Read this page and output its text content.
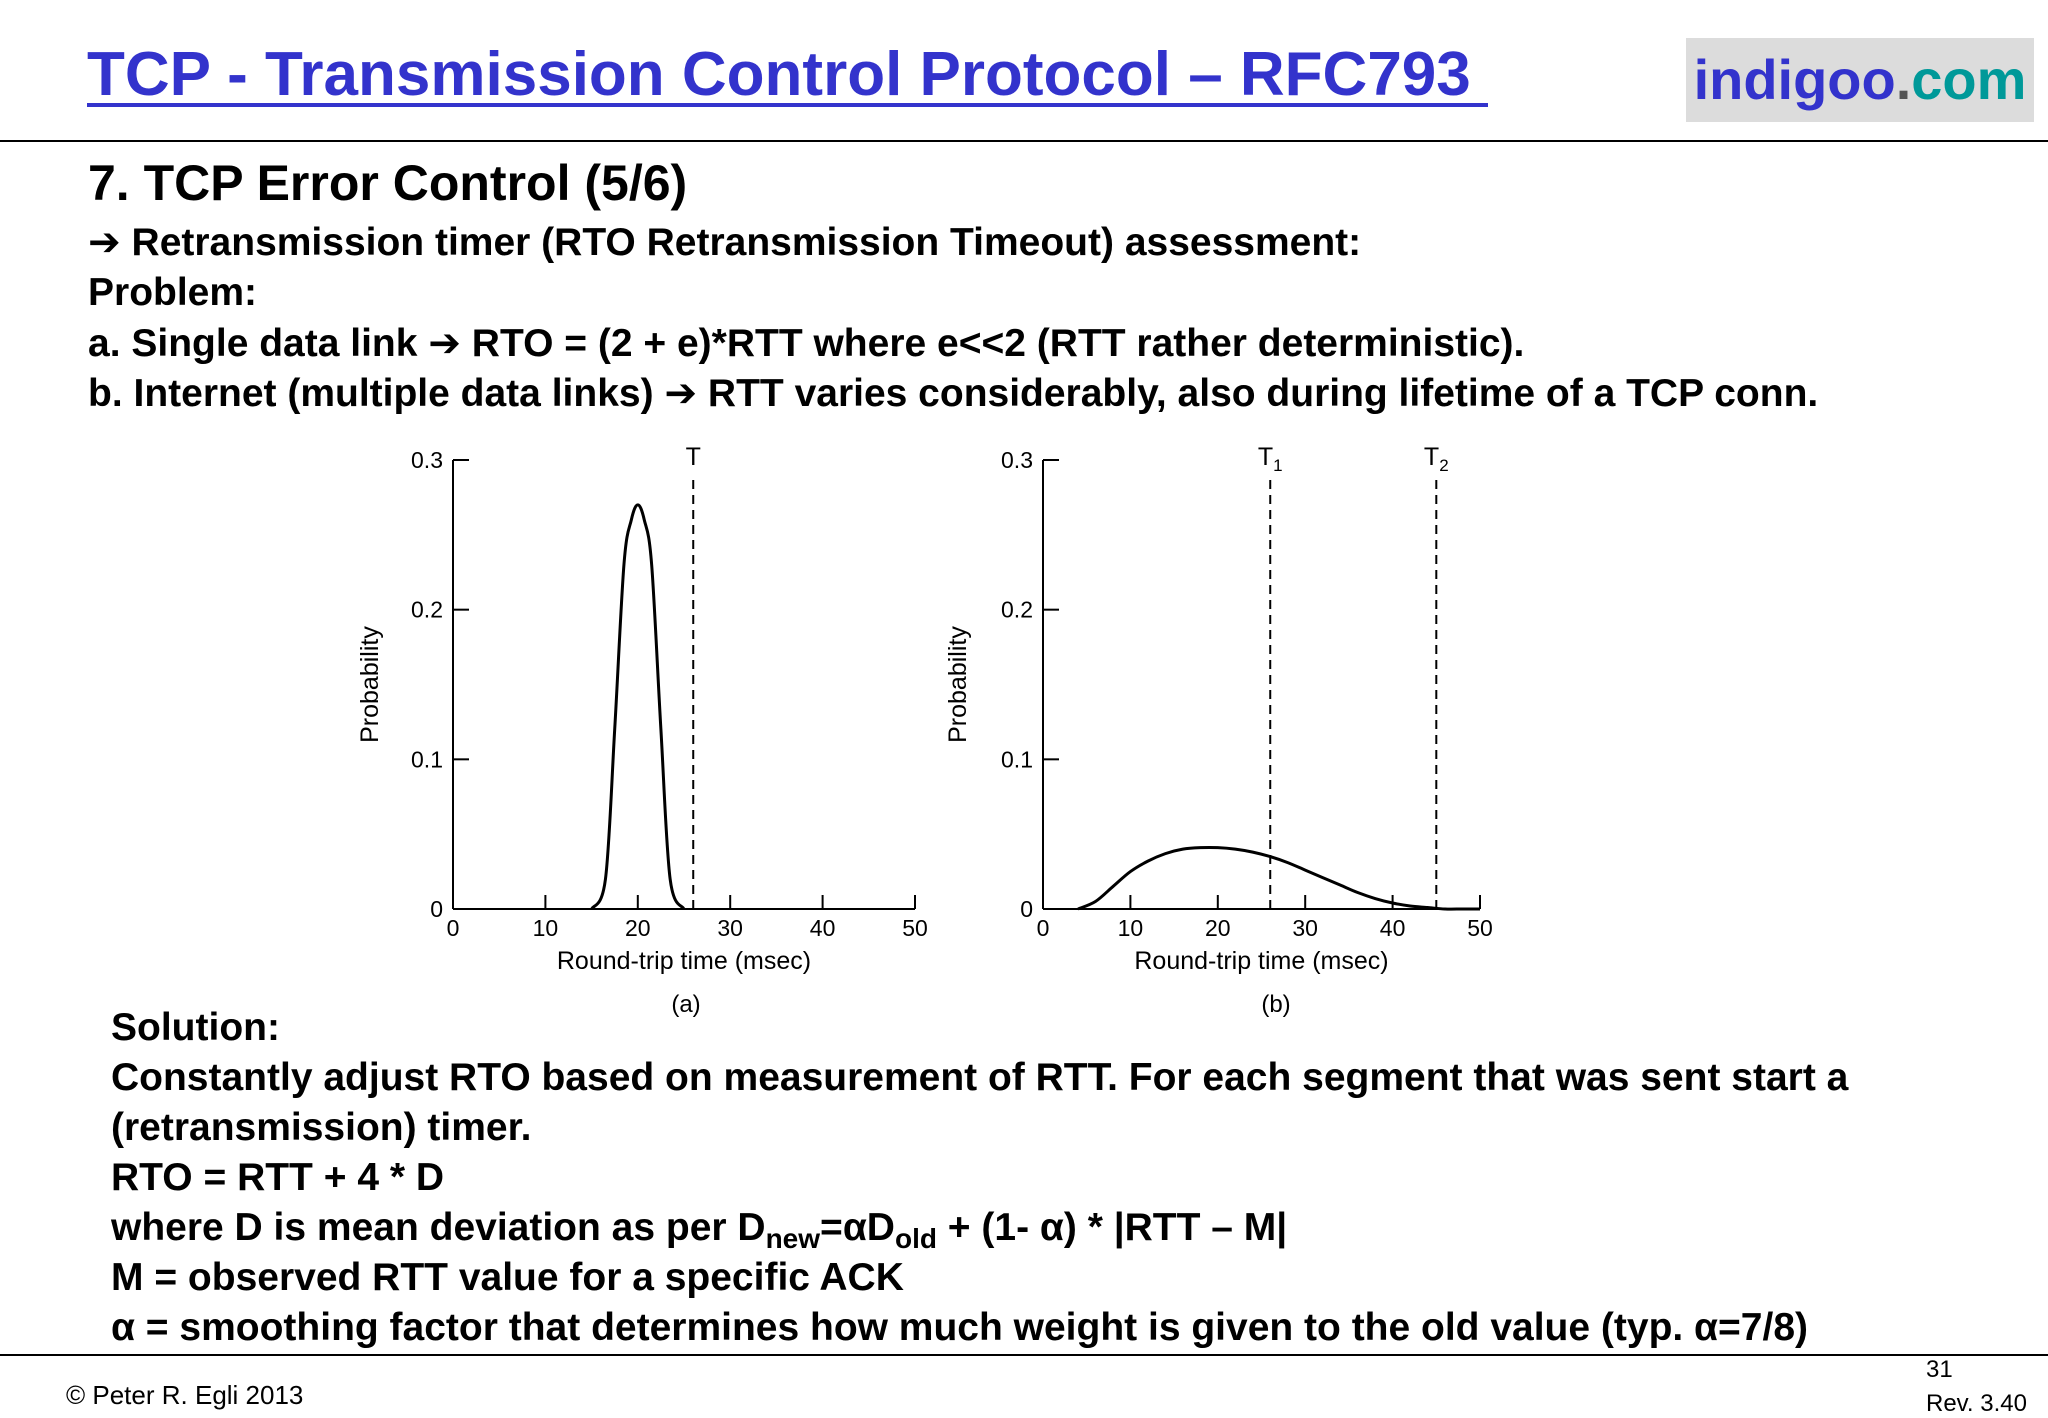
TCP - Transmission Control Protocol – RFC793	indigoo.com
7. TCP Error Control (5/6)
➔ Retransmission timer (RTO Retransmission Timeout) assessment:
Problem:
a. Single data link ➔ RTO = (2 + e)*RTT where e<<2 (RTT rather deterministic).
b. Internet (multiple data links) ➔ RTT varies considerably, also during lifetime of a TCP conn.
0	10	20	30	40	50
0
0.1
0.2
0.3
Round-trip time (msec)
Probability
(a)
T
0	10	20	30	40	50
0
0.1
0.2
0.3
Round-trip time (msec)
Probability
(b)
$T_1$	$T_2$
Solution:
Constantly adjust RTO based on measurement of RTT. For each segment that was sent start a
(retransmission) timer.
RTO = RTT + 4 * D
where D is mean deviation as per $D_{new}=\alpha D_{old} + (1-$ α) * |RTT – M|
M = observed RTT value for a specific ACK
α = smoothing factor that determines how much weight is given to the old value (typ. α=7/8)
© Peter R. Egli 2013
31
Rev. 3.40
